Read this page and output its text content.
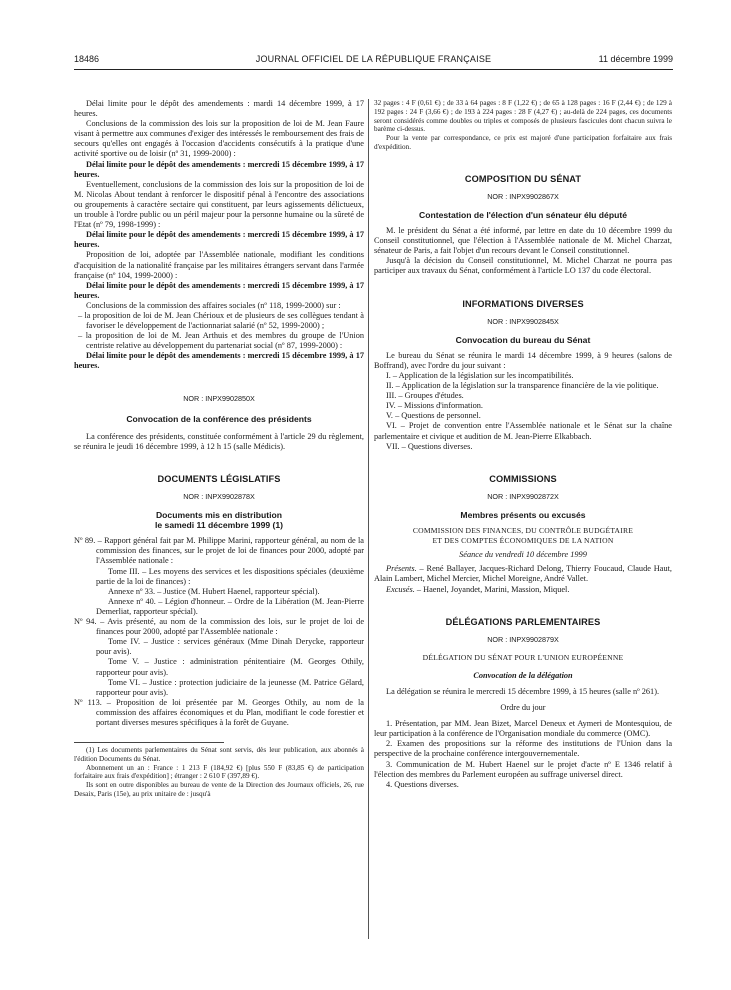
18486	JOURNAL OFFICIEL DE LA RÉPUBLIQUE FRANÇAISE	11 décembre 1999

Délai limite pour le dépôt des amendements : mardi 14 décembre 1999, à 17 heures.

Conclusions de la commission des lois sur la proposition de loi de M. Jean Faure visant à permettre aux communes d'exiger des intéressés le remboursement des frais de secours qu'elles ont engagés à l'occasion d'accidents consécutifs à la pratique d'une activité sportive ou de loisir (nº 31, 1999-2000) :

Délai limite pour le dépôt des amendements : mercredi 15 décembre 1999, à 17 heures.

Eventuellement, conclusions de la commission des lois sur la proposition de loi de M. Nicolas About tendant à renforcer le dispositif pénal à l'encontre des associations ou groupements à caractère sectaire qui constituent, par leurs agissements délictueux, un trouble à l'ordre public ou un péril majeur pour la personne humaine ou la sûreté de l'Etat (nº 79, 1998-1999) :

Délai limite pour le dépôt des amendements : mercredi 15 décembre 1999, à 17 heures.

Proposition de loi, adoptée par l'Assemblée nationale, modifiant les conditions d'acquisition de la nationalité française par les militaires étrangers servant dans l'armée française (nº 104, 1999-2000) :

Délai limite pour le dépôt des amendements : mercredi 15 décembre 1999, à 17 heures.

Conclusions de la commission des affaires sociales (nº 118, 1999-2000) sur :

– la proposition de loi de M. Jean Chérioux et de plusieurs de ses collègues tendant à favoriser le développement de l'actionnariat salarié (nº 52, 1999-2000) ;

– la proposition de loi de M. Jean Arthuis et des membres du groupe de l'Union centriste relative au développement du partenariat social (nº 87, 1999-2000) :

Délai limite pour le dépôt des amendements : mercredi 15 décembre 1999, à 17 heures.

NOR : INPX9902850X

Convocation de la conférence des présidents

La conférence des présidents, constituée conformément à l'article 29 du règlement, se réunira le jeudi 16 décembre 1999, à 12 h 15 (salle Médicis).

DOCUMENTS LÉGISLATIFS

NOR : INPX9902878X

Documents mis en distribution

le samedi 11 décembre 1999 (1)

Nº 89. – Rapport général fait par M. Philippe Marini, rapporteur général, au nom de la commission des finances, sur le projet de loi de finances pour 2000, adopté par l'Assemblée nationale :

Tome III. – Les moyens des services et les dispositions spéciales (deuxième partie de la loi de finances) :

Annexe nº 33. – Justice (M. Hubert Haenel, rapporteur spécial).

Annexe nº 40. – Légion d'honneur. – Ordre de la Libération (M. Jean-Pierre Demerliat, rapporteur spécial).

Nº 94. – Avis présenté, au nom de la commission des lois, sur le projet de loi de finances pour 2000, adopté par l'Assemblée nationale :

Tome IV. – Justice : services généraux (Mme Dinah Derycke, rapporteur pour avis).

Tome V. – Justice : administration pénitentiaire (M. Georges Othily, rapporteur pour avis).

Tome VI. – Justice : protection judiciaire de la jeunesse (M. Patrice Gélard, rapporteur pour avis).

Nº 113. – Proposition de loi présentée par M. Georges Othily, au nom de la commission des affaires économiques et du Plan, modifiant le code forestier et portant diverses mesures spécifiques à la forêt de Guyane.

(1) Les documents parlementaires du Sénat sont servis, dès leur publication, aux abonnés à l'édition Documents du Sénat.

Abonnement un an : France : 1 213 F (184,92 €) [plus 550 F (83,85 €) de participation forfaitaire aux frais d'expédition] ; étranger : 2 610 F (397,89 €).

Ils sont en outre disponibles au bureau de vente de la Direction des Journaux officiels, 26, rue Desaix, Paris (15e), au prix unitaire de : jusqu'à

32 pages : 4 F (0,61 €) ; de 33 à 64 pages : 8 F (1,22 €) ; de 65 à 128 pages : 16 F (2,44 €) ; de 129 à 192 pages : 24 F (3,66 €) ; de 193 à 224 pages : 28 F (4,27 €) ; au-delà de 224 pages, ces documents seront considérés comme doubles ou triples et composés de plusieurs fascicules dont chacun suivra le barème ci-dessus.

Pour la vente par correspondance, ce prix est majoré d'une participation forfaitaire aux frais d'expédition.

COMPOSITION DU SÉNAT

NOR : INPX9902867X

Contestation de l'élection d'un sénateur élu député

M. le président du Sénat a été informé, par lettre en date du 10 décembre 1999 du Conseil constitutionnel, que l'élection à l'Assemblée nationale de M. Michel Charzat, sénateur de Paris, a fait l'objet d'un recours devant le Conseil constitutionnel.

Jusqu'à la décision du Conseil constitutionnel, M. Michel Charzat ne pourra pas participer aux travaux du Sénat, conformément à l'article LO 137 du code électoral.

INFORMATIONS DIVERSES

NOR : INPX9902845X

Convocation du bureau du Sénat

Le bureau du Sénat se réunira le mardi 14 décembre 1999, à 9 heures (salons de Boffrand), avec l'ordre du jour suivant :

I. – Application de la législation sur les incompatibilités.

II. – Application de la législation sur la transparence financière de la vie politique.

III. – Groupes d'études.

IV. – Missions d'information.

V. – Questions de personnel.

VI. – Projet de convention entre l'Assemblée nationale et le Sénat sur la chaîne parlementaire et civique et audition de M. Jean-Pierre Elkabbach.

VII. – Questions diverses.

COMMISSIONS

NOR : INPX9902872X

Membres présents ou excusés

COMMISSION DES FINANCES, DU CONTRÔLE BUDGÉTAIRE

ET DES COMPTES ÉCONOMIQUES DE LA NATION

Séance du vendredi 10 décembre 1999

Présents. – René Ballayer, Jacques-Richard Delong, Thierry Foucaud, Claude Haut, Alain Lambert, Michel Mercier, Michel Moreigne, André Vallet.

Excusés. – Haenel, Joyandet, Marini, Massion, Miquel.

DÉLÉGATIONS PARLEMENTAIRES

NOR : INPX9902879X

DÉLÉGATION DU SÉNAT POUR L'UNION EUROPÉENNE

Convocation de la délégation

La délégation se réunira le mercredi 15 décembre 1999, à 15 heures (salle nº 261).

Ordre du jour

1. Présentation, par MM. Jean Bizet, Marcel Deneux et Aymeri de Montesquiou, de leur participation à la conférence de l'Organisation mondiale du commerce (OMC).

2. Examen des propositions sur la réforme des institutions de l'Union dans la perspective de la prochaine conférence intergouvernementale.

3. Communication de M. Hubert Haenel sur le projet d'acte nº E 1346 relatif à l'élection des membres du Parlement européen au suffrage universel direct.

4. Questions diverses.
